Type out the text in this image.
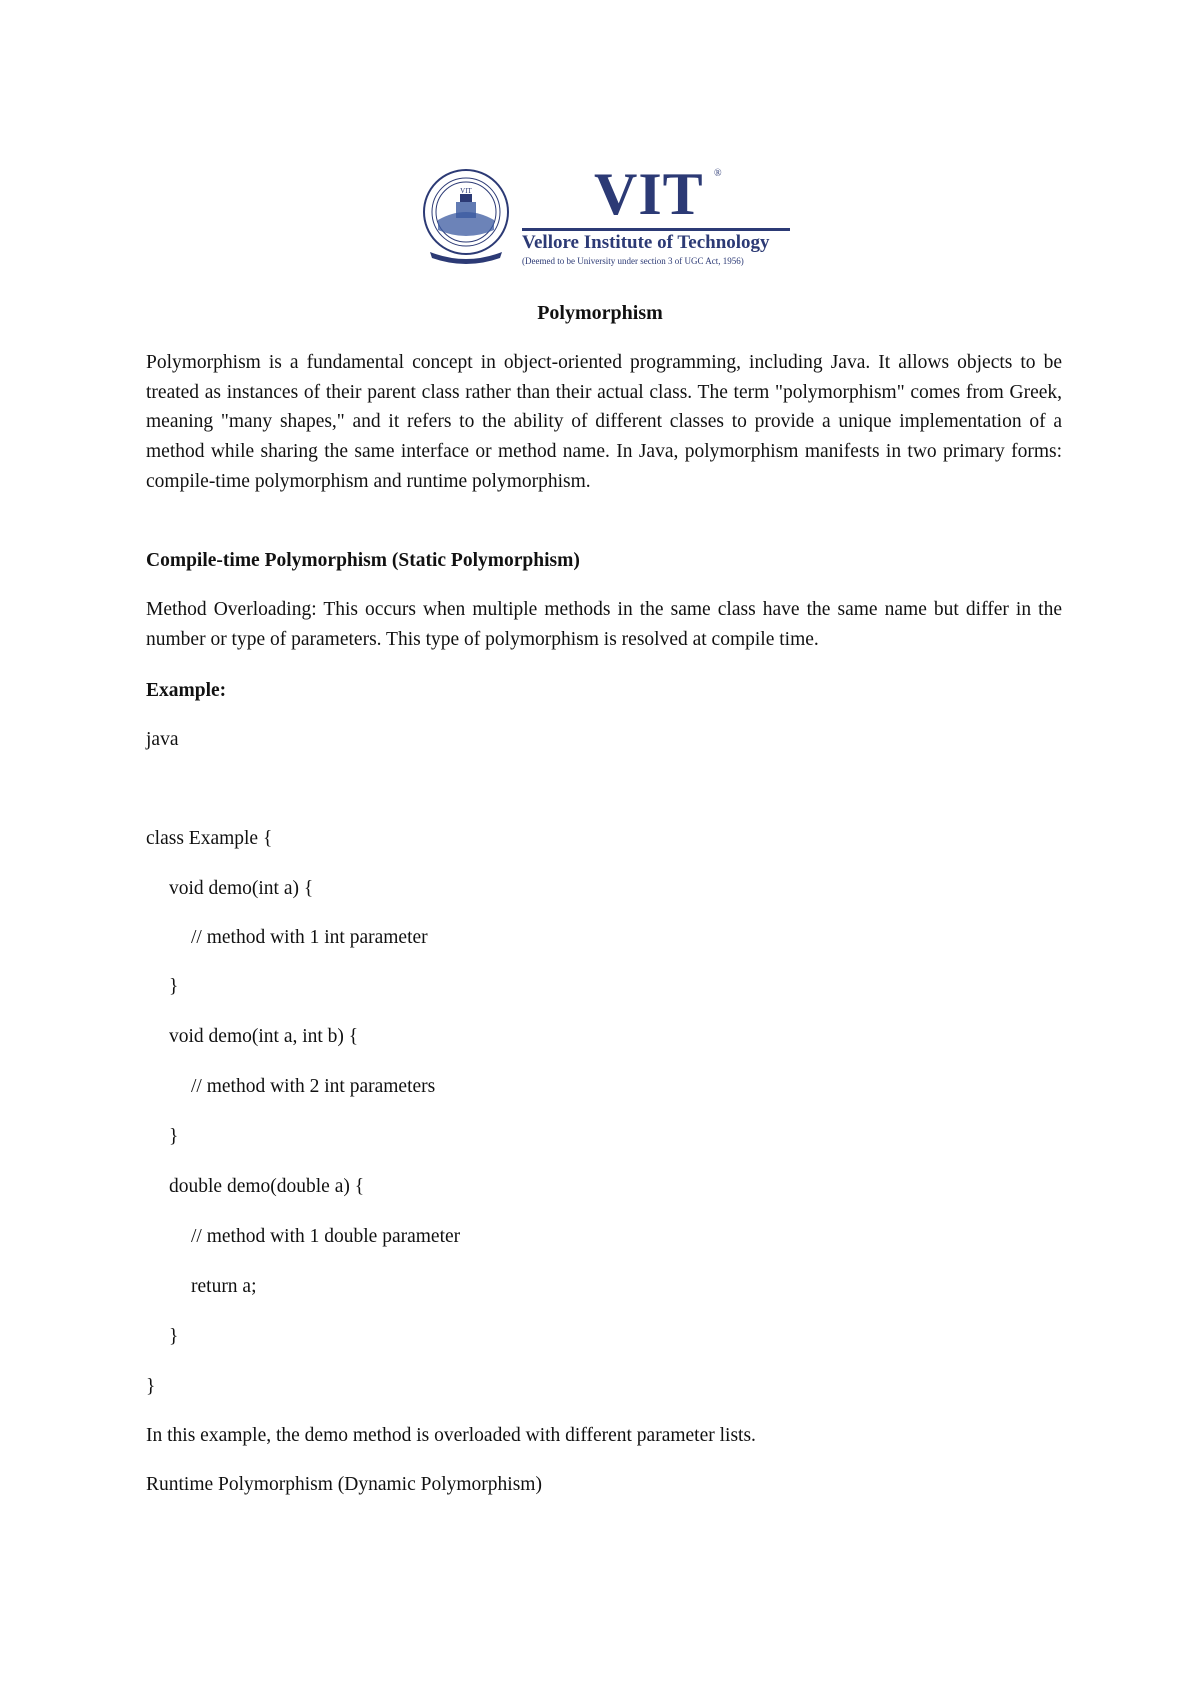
VIT VIT ®
Vellore Institute of Technology
(Deemed to be University under section 3 of UGC Act, 1956)
Polymorphism
Polymorphism is a fundamental concept in object-oriented programming, including Java. It allows objects to be treated as instances of their parent class rather than their actual class. The term "polymorphism" comes from Greek, meaning "many shapes," and it refers to the ability of different classes to provide a unique implementation of a method while sharing the same interface or method name. In Java, polymorphism manifests in two primary forms: compile-time polymorphism and runtime polymorphism.
Compile-time Polymorphism (Static Polymorphism)
Method Overloading: This occurs when multiple methods in the same class have the same name but differ in the number or type of parameters. This type of polymorphism is resolved at compile time.
Example:
java
class Example {
void demo(int a) {
// method with 1 int parameter
}
void demo(int a, int b) {
// method with 2 int parameters
}
double demo(double a) {
// method with 1 double parameter
return a;
}
}
In this example, the demo method is overloaded with different parameter lists.
Runtime Polymorphism (Dynamic Polymorphism)
